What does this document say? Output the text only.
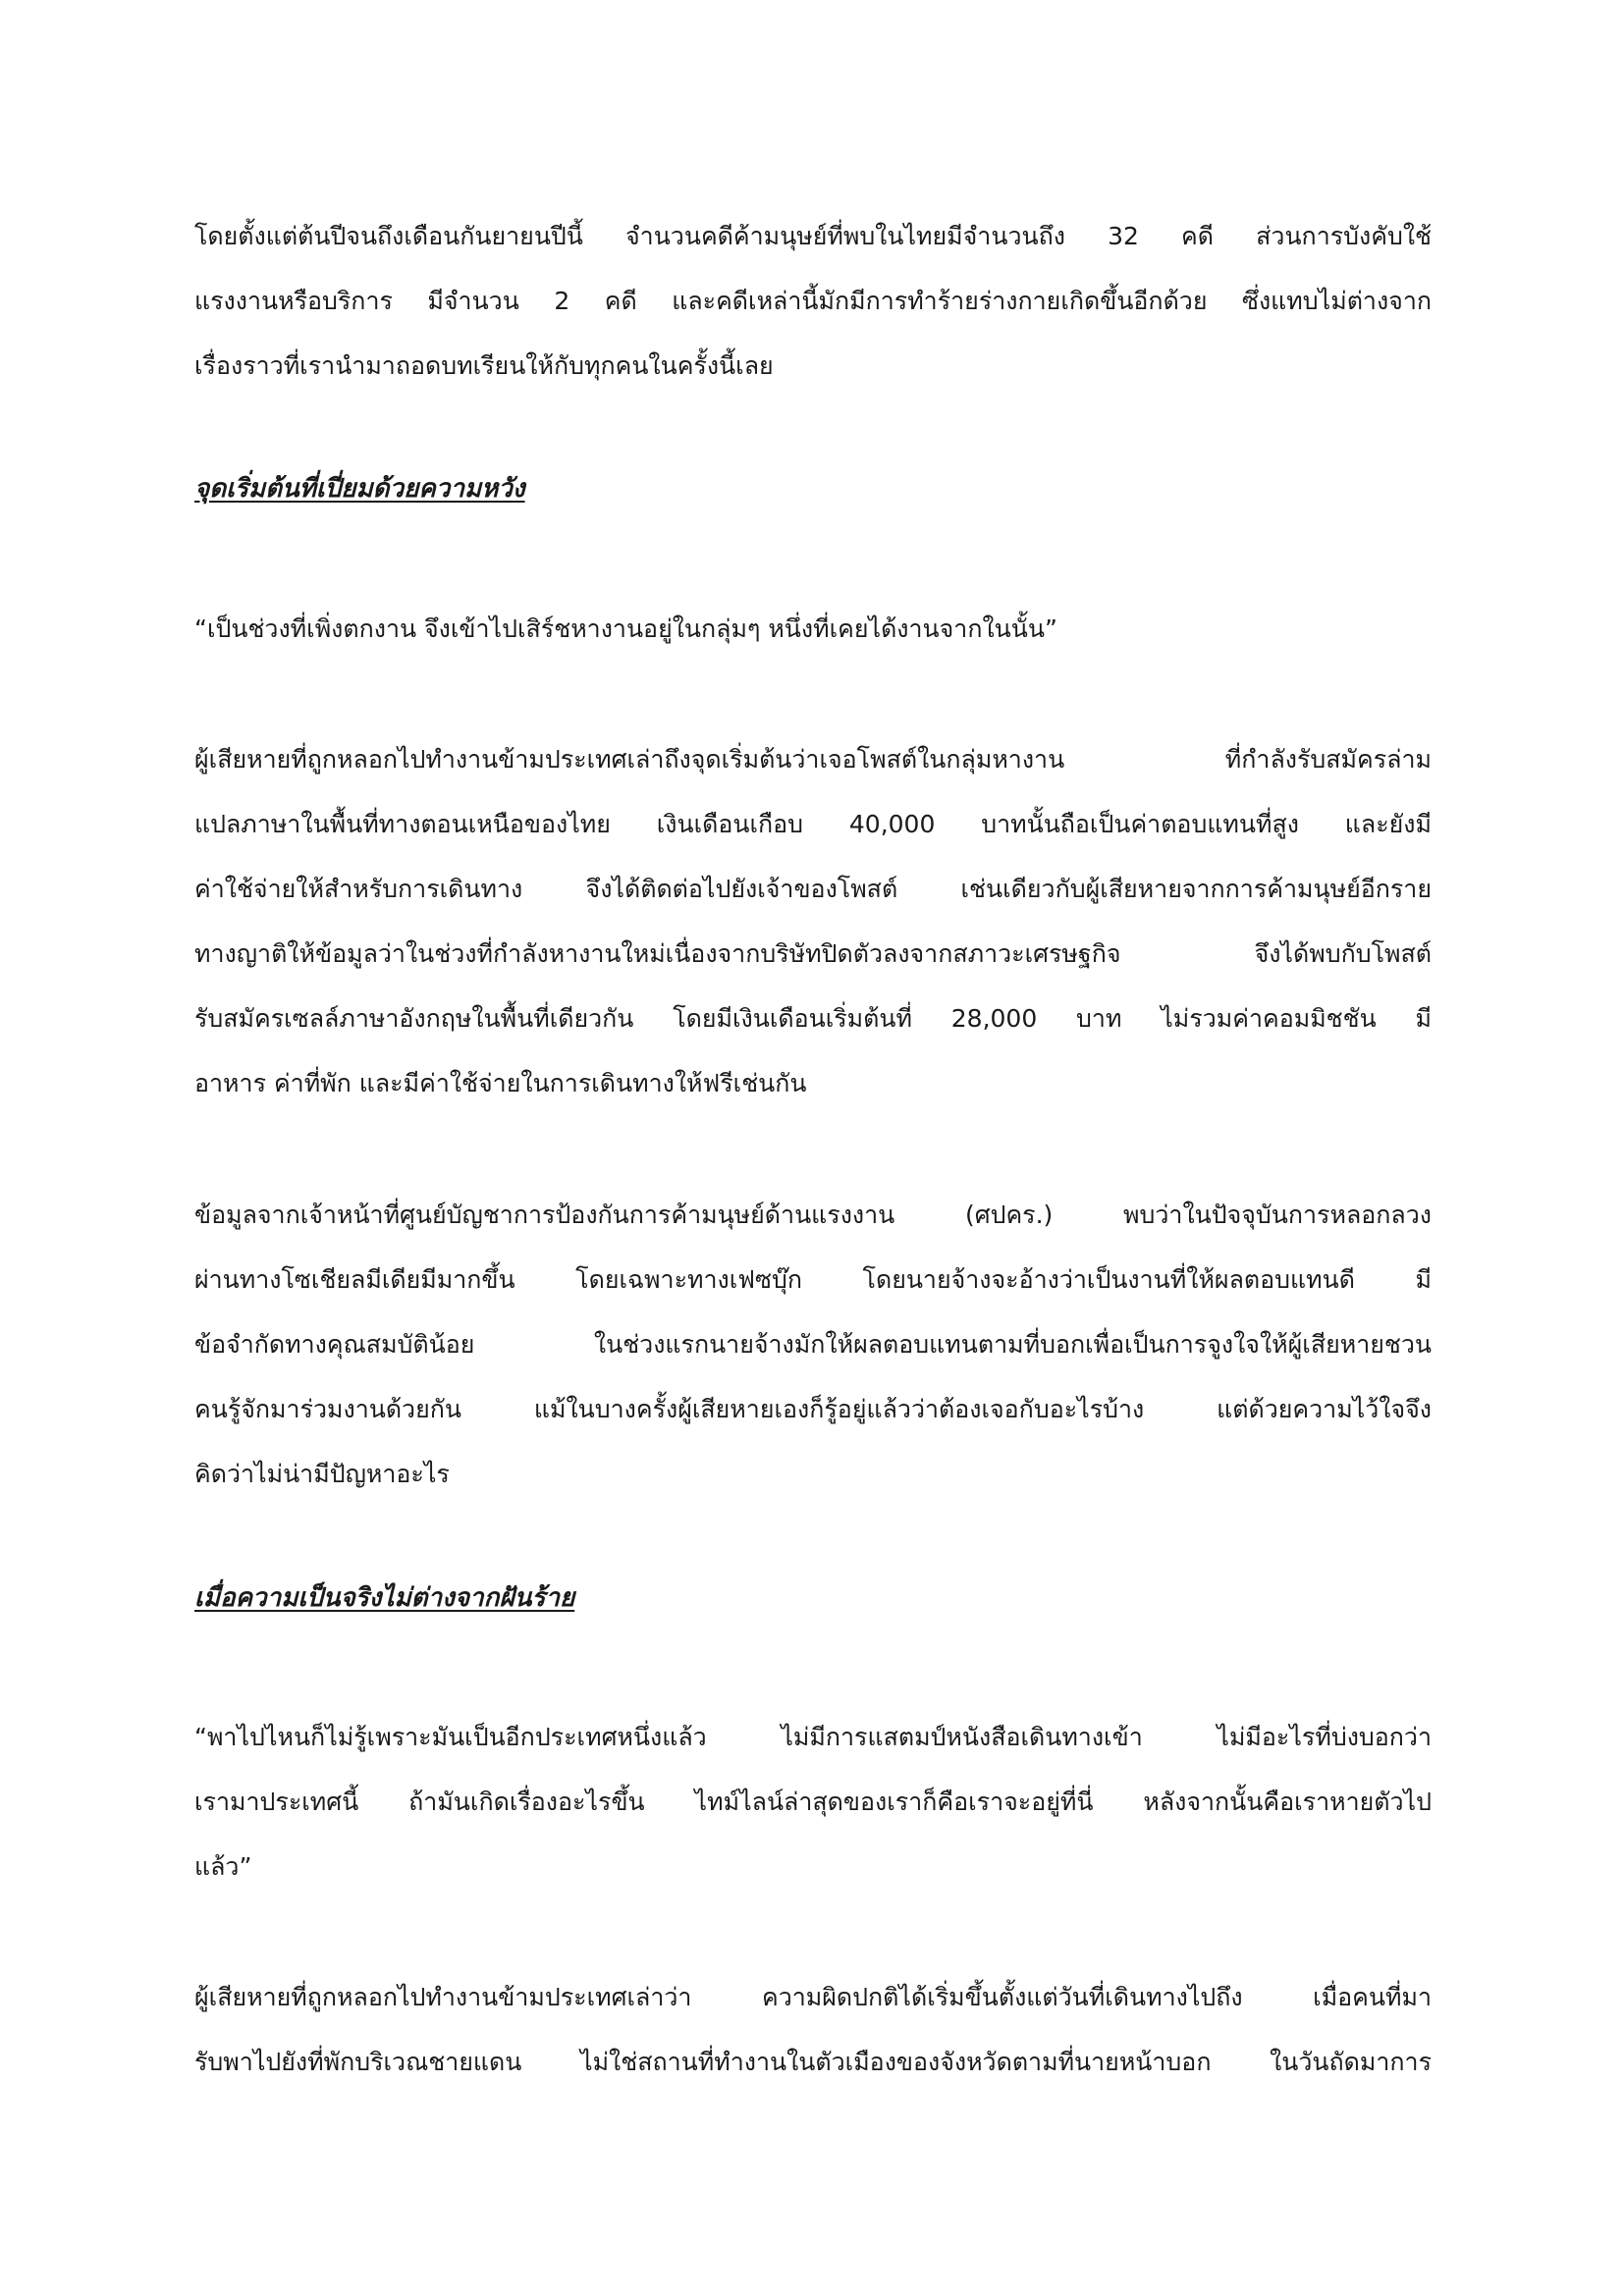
โดยตั้งแต่ต้นปีจนถึงเดือนกันยายนปีนี้ จำนวนคดีค้ามนุษย์ที่พบในไทยมีจำนวนถึง 32 คดี ส่วนการบังคับใช้
แรงงานหรือบริการ มีจำนวน 2 คดี และคดีเหล่านี้มักมีการทำร้ายร่างกายเกิดขึ้นอีกด้วย ซึ่งแทบไม่ต่างจาก
เรื่องราวที่เรานำมาถอดบทเรียนให้กับทุกคนในครั้งนี้เลย
จุดเริ่มต้นที่เปี่ยมด้วยความหวัง
“เป็นช่วงที่เพิ่งตกงาน จึงเข้าไปเสิร์ชหางานอยู่ในกลุ่มๆ หนึ่งที่เคยได้งานจากในนั้น”
ผู้เสียหายที่ถูกหลอกไปทำงานข้ามประเทศเล่าถึงจุดเริ่มต้นว่าเจอโพสต์ในกลุ่มหางาน ที่กำลังรับสมัครล่าม
แปลภาษาในพื้นที่ทางตอนเหนือของไทย เงินเดือนเกือบ 40,000 บาทนั้นถือเป็นค่าตอบแทนที่สูง และยังมี
ค่าใช้จ่ายให้สำหรับการเดินทาง จึงได้ติดต่อไปยังเจ้าของโพสต์ เช่นเดียวกับผู้เสียหายจากการค้ามนุษย์อีกราย
ทางญาติให้ข้อมูลว่าในช่วงที่กำลังหางานใหม่เนื่องจากบริษัทปิดตัวลงจากสภาวะเศรษฐกิจ จึงได้พบกับโพสต์
รับสมัครเซลล์ภาษาอังกฤษในพื้นที่เดียวกัน โดยมีเงินเดือนเริ่มต้นที่ 28,000 บาท ไม่รวมค่าคอมมิชชัน มี
อาหาร ค่าที่พัก และมีค่าใช้จ่ายในการเดินทางให้ฟรีเช่นกัน
ข้อมูลจากเจ้าหน้าที่ศูนย์บัญชาการป้องกันการค้ามนุษย์ด้านแรงงาน (ศปคร.) พบว่าในปัจจุบันการหลอกลวง
ผ่านทางโซเชียลมีเดียมีมากขึ้น โดยเฉพาะทางเฟซบุ๊ก โดยนายจ้างจะอ้างว่าเป็นงานที่ให้ผลตอบแทนดี มี
ข้อจำกัดทางคุณสมบัติน้อย ในช่วงแรกนายจ้างมักให้ผลตอบแทนตามที่บอกเพื่อเป็นการจูงใจให้ผู้เสียหายชวน
คนรู้จักมาร่วมงานด้วยกัน แม้ในบางครั้งผู้เสียหายเองก็รู้อยู่แล้วว่าต้องเจอกับอะไรบ้าง แต่ด้วยความไว้ใจจึง
คิดว่าไม่น่ามีปัญหาอะไร
เมื่อความเป็นจริงไม่ต่างจากฝันร้าย
“พาไปไหนก็ไม่รู้เพราะมันเป็นอีกประเทศหนึ่งแล้ว ไม่มีการแสตมป์หนังสือเดินทางเข้า ไม่มีอะไรที่บ่งบอกว่า
เรามาประเทศนี้ ถ้ามันเกิดเรื่องอะไรขึ้น ไทม์ไลน์ล่าสุดของเราก็คือเราจะอยู่ที่นี่ หลังจากนั้นคือเราหายตัวไป
แล้ว”
ผู้เสียหายที่ถูกหลอกไปทำงานข้ามประเทศเล่าว่า ความผิดปกติได้เริ่มขึ้นตั้งแต่วันที่เดินทางไปถึง เมื่อคนที่มา
รับพาไปยังที่พักบริเวณชายแดน ไม่ใช่สถานที่ทำงานในตัวเมืองของจังหวัดตามที่นายหน้าบอก ในวันถัดมาการ
